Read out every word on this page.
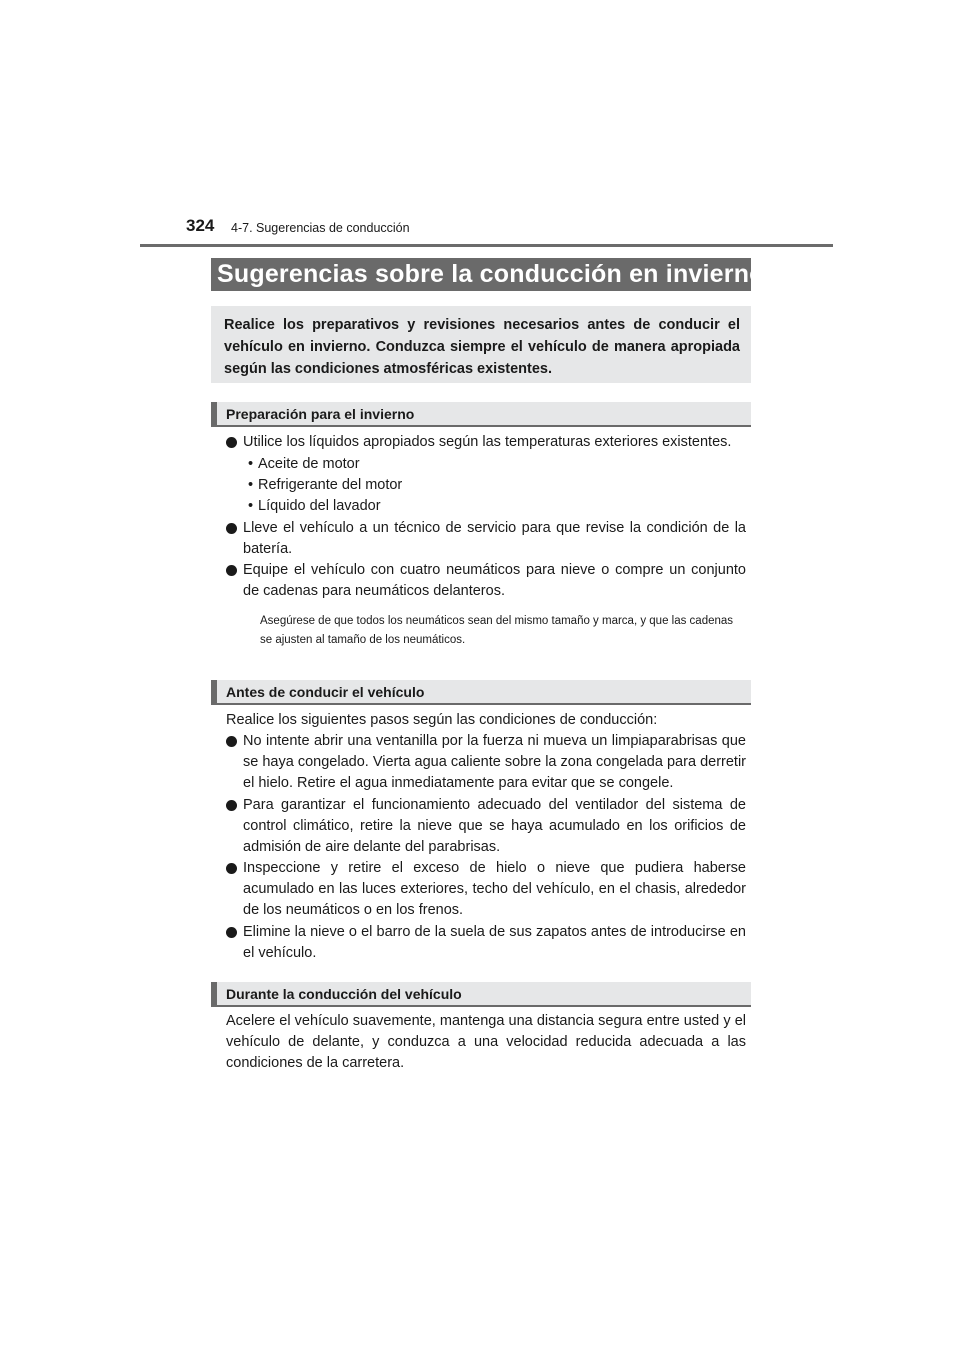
324 4-7. Sugerencias de conducción
Sugerencias sobre la conducción en invierno
Realice los preparativos y revisiones necesarios antes de conducir el vehículo en invierno. Conduzca siempre el vehículo de manera apropiada según las condiciones atmosféricas existentes.
Preparación para el invierno
Utilice los líquidos apropiados según las temperaturas exteriores existentes.
• Aceite de motor
• Refrigerante del motor
• Líquido del lavador
Lleve el vehículo a un técnico de servicio para que revise la condición de la batería.
Equipe el vehículo con cuatro neumáticos para nieve o compre un conjunto de cadenas para neumáticos delanteros.
Asegúrese de que todos los neumáticos sean del mismo tamaño y marca, y que las cadenas se ajusten al tamaño de los neumáticos.
Antes de conducir el vehículo
Realice los siguientes pasos según las condiciones de conducción:
No intente abrir una ventanilla por la fuerza ni mueva un limpiaparabrisas que se haya congelado. Vierta agua caliente sobre la zona congelada para derretir el hielo. Retire el agua inmediatamente para evitar que se congele.
Para garantizar el funcionamiento adecuado del ventilador del sistema de control climático, retire la nieve que se haya acumulado en los orificios de admisión de aire delante del parabrisas.
Inspeccione y retire el exceso de hielo o nieve que pudiera haberse acumulado en las luces exteriores, techo del vehículo, en el chasis, alrededor de los neumáticos o en los frenos.
Elimine la nieve o el barro de la suela de sus zapatos antes de introducirse en el vehículo.
Durante la conducción del vehículo
Acelere el vehículo suavemente, mantenga una distancia segura entre usted y el vehículo de delante, y conduzca a una velocidad reducida adecuada a las condiciones de la carretera.
